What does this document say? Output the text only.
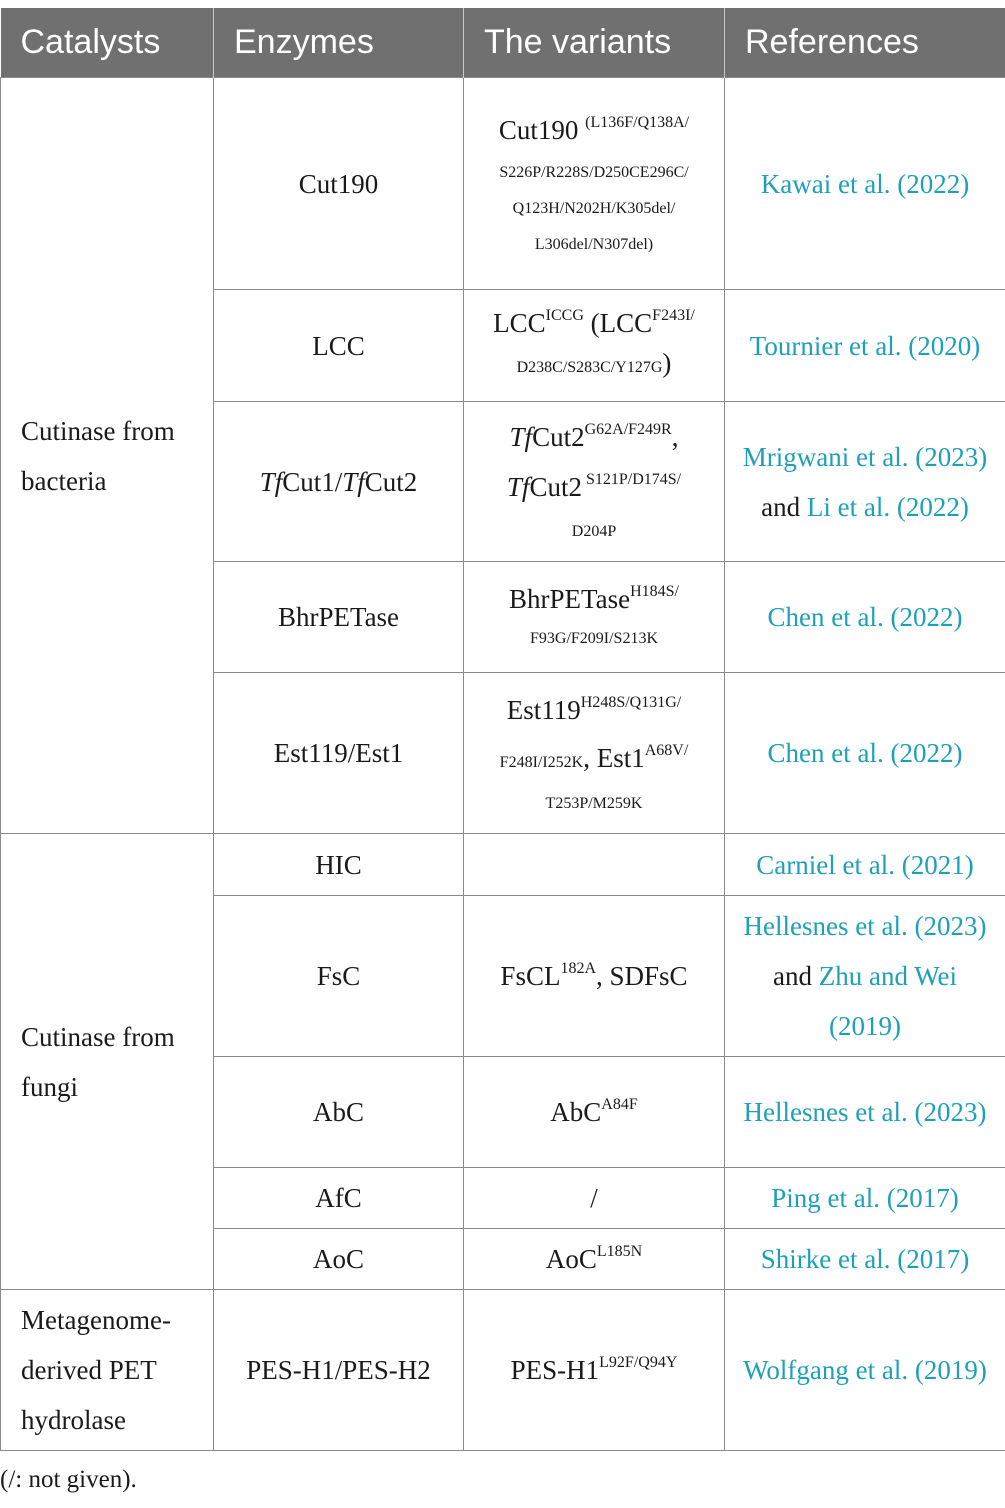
Catalysts	Enzymes	The variants	References
Cutinase from bacteria	Cut190	Cut190 $^{(L136F/Q138A/}$
S226P/R228S/D250CE296C/
Q123H/N202H/K305del/
L306del/N307del)	Kawai et al. (2022)
	LCC	$LCC^{ICCG}$ ($LCC^{F243I/}$
D238C/S283C/Y127G)	Tournier et al. (2020)
	TfCut1/TfCut2	$TfCut2^{G62A/F249R}$,
TfCut2 $^{S121P/D174S/}$
D204P	Mrigwani et al. (2023) and Li et al. (2022)
	BhrPETase	BhrPETase$^{H184S/}$
F93G/F209I/S213K	Chen et al. (2022)
	Est119/Est1	$Est119^{H248S/Q131G/}$
F248I/I252K, $Est1^{A68V/}$
T253P/M259K	Chen et al. (2022)
Cutinase from fungi	HIC		Carniel et al. (2021)
	FsC	FsCL$^{182A}$, SDFsC	Hellesnes et al. (2023) and Zhu and Wei (2019)
	AbC	AbC$^{A84F}$	Hellesnes et al. (2023)
	AfC	/	Ping et al. (2017)
	AoC	AoC$^{L185N}$	Shirke et al. (2017)
Metagenome-derived PET hydrolase	PES-H1/PES-H2	PES-$H1^{L92F/Q94Y}$	Wolfgang et al. (2019)
(/: not given).
